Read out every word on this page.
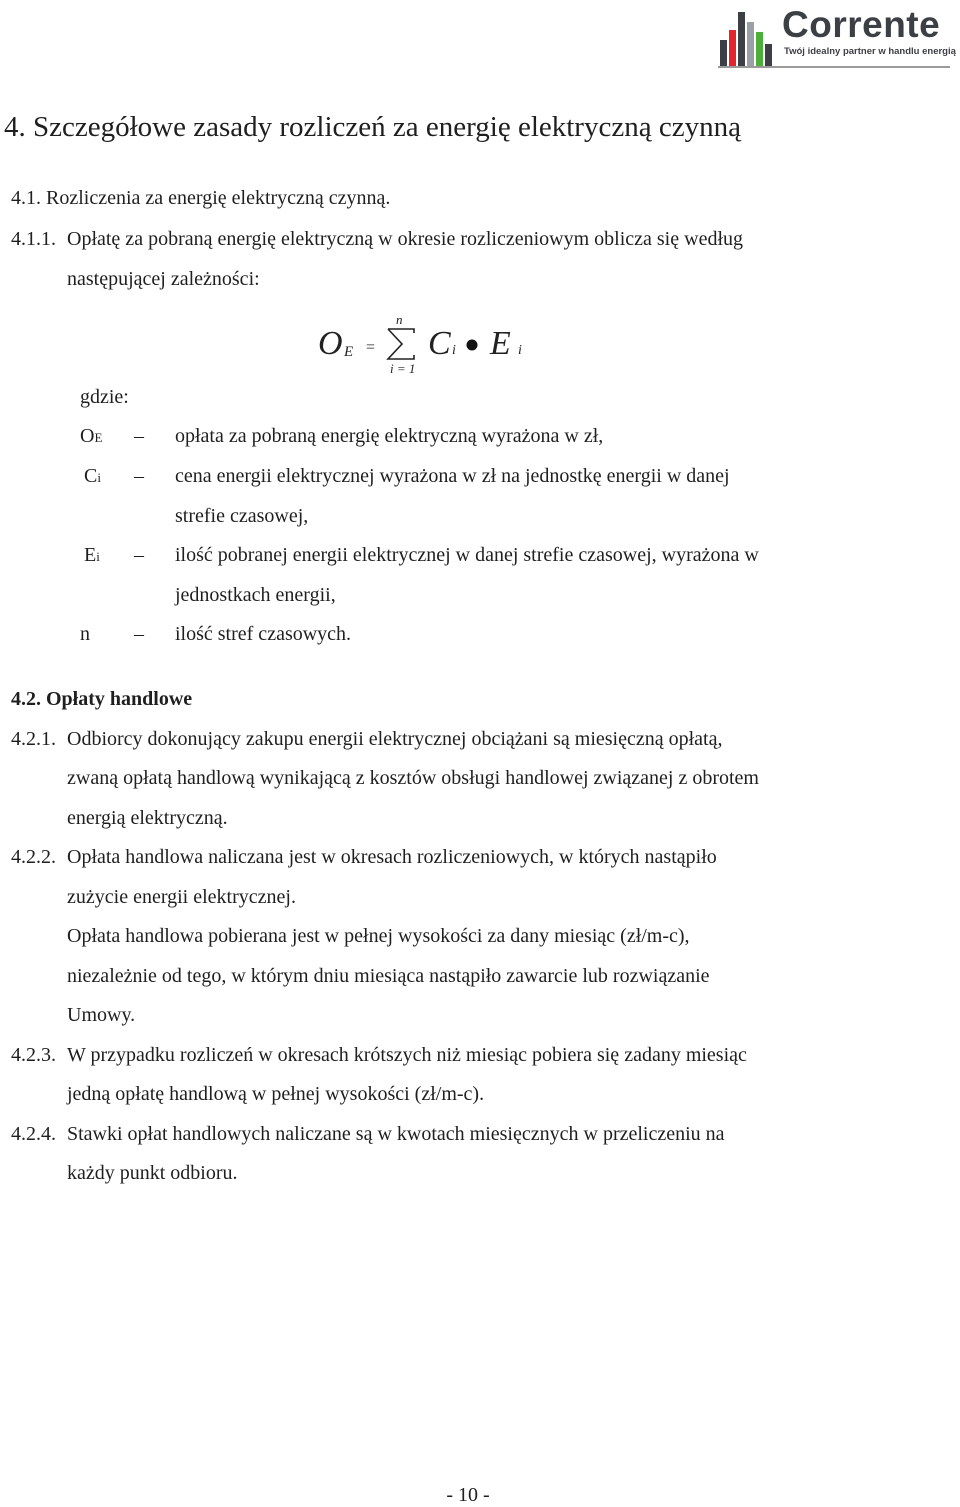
Corrente
Twój idealny partner w handlu energią
4. Szczegółowe zasady rozliczeń za energię elektryczną czynną
4.1. Rozliczenia za energię elektryczną czynną.
4.1.1. Opłatę za pobraną energię elektryczną w okresie rozliczeniowym oblicza się według
następującej zależności:
O E =
n
i = 1
C i E i
gdzie:
OE – opłata za pobraną energię elektryczną wyrażona w zł,
Ci – cena energii elektrycznej wyrażona w zł na jednostkę energii w danej
strefie czasowej,
Ei – ilość pobranej energii elektrycznej w danej strefie czasowej, wyrażona w
jednostkach energii,
n – ilość stref czasowych.
4.2. Opłaty handlowe
4.2.1. Odbiorcy dokonujący zakupu energii elektrycznej obciążani są miesięczną opłatą,
zwaną opłatą handlową wynikającą z kosztów obsługi handlowej związanej z obrotem
energią elektryczną.
4.2.2. Opłata handlowa naliczana jest w okresach rozliczeniowych, w których nastąpiło
zużycie energii elektrycznej.
Opłata handlowa pobierana jest w pełnej wysokości za dany miesiąc (zł/m-c),
niezależnie od tego, w którym dniu miesiąca nastąpiło zawarcie lub rozwiązanie
Umowy.
4.2.3. W przypadku rozliczeń w okresach krótszych niż miesiąc pobiera się zadany miesiąc
jedną opłatę handlową w pełnej wysokości (zł/m-c).
4.2.4. Stawki opłat handlowych naliczane są w kwotach miesięcznych w przeliczeniu na
każdy punkt odbioru.
- 10 -
